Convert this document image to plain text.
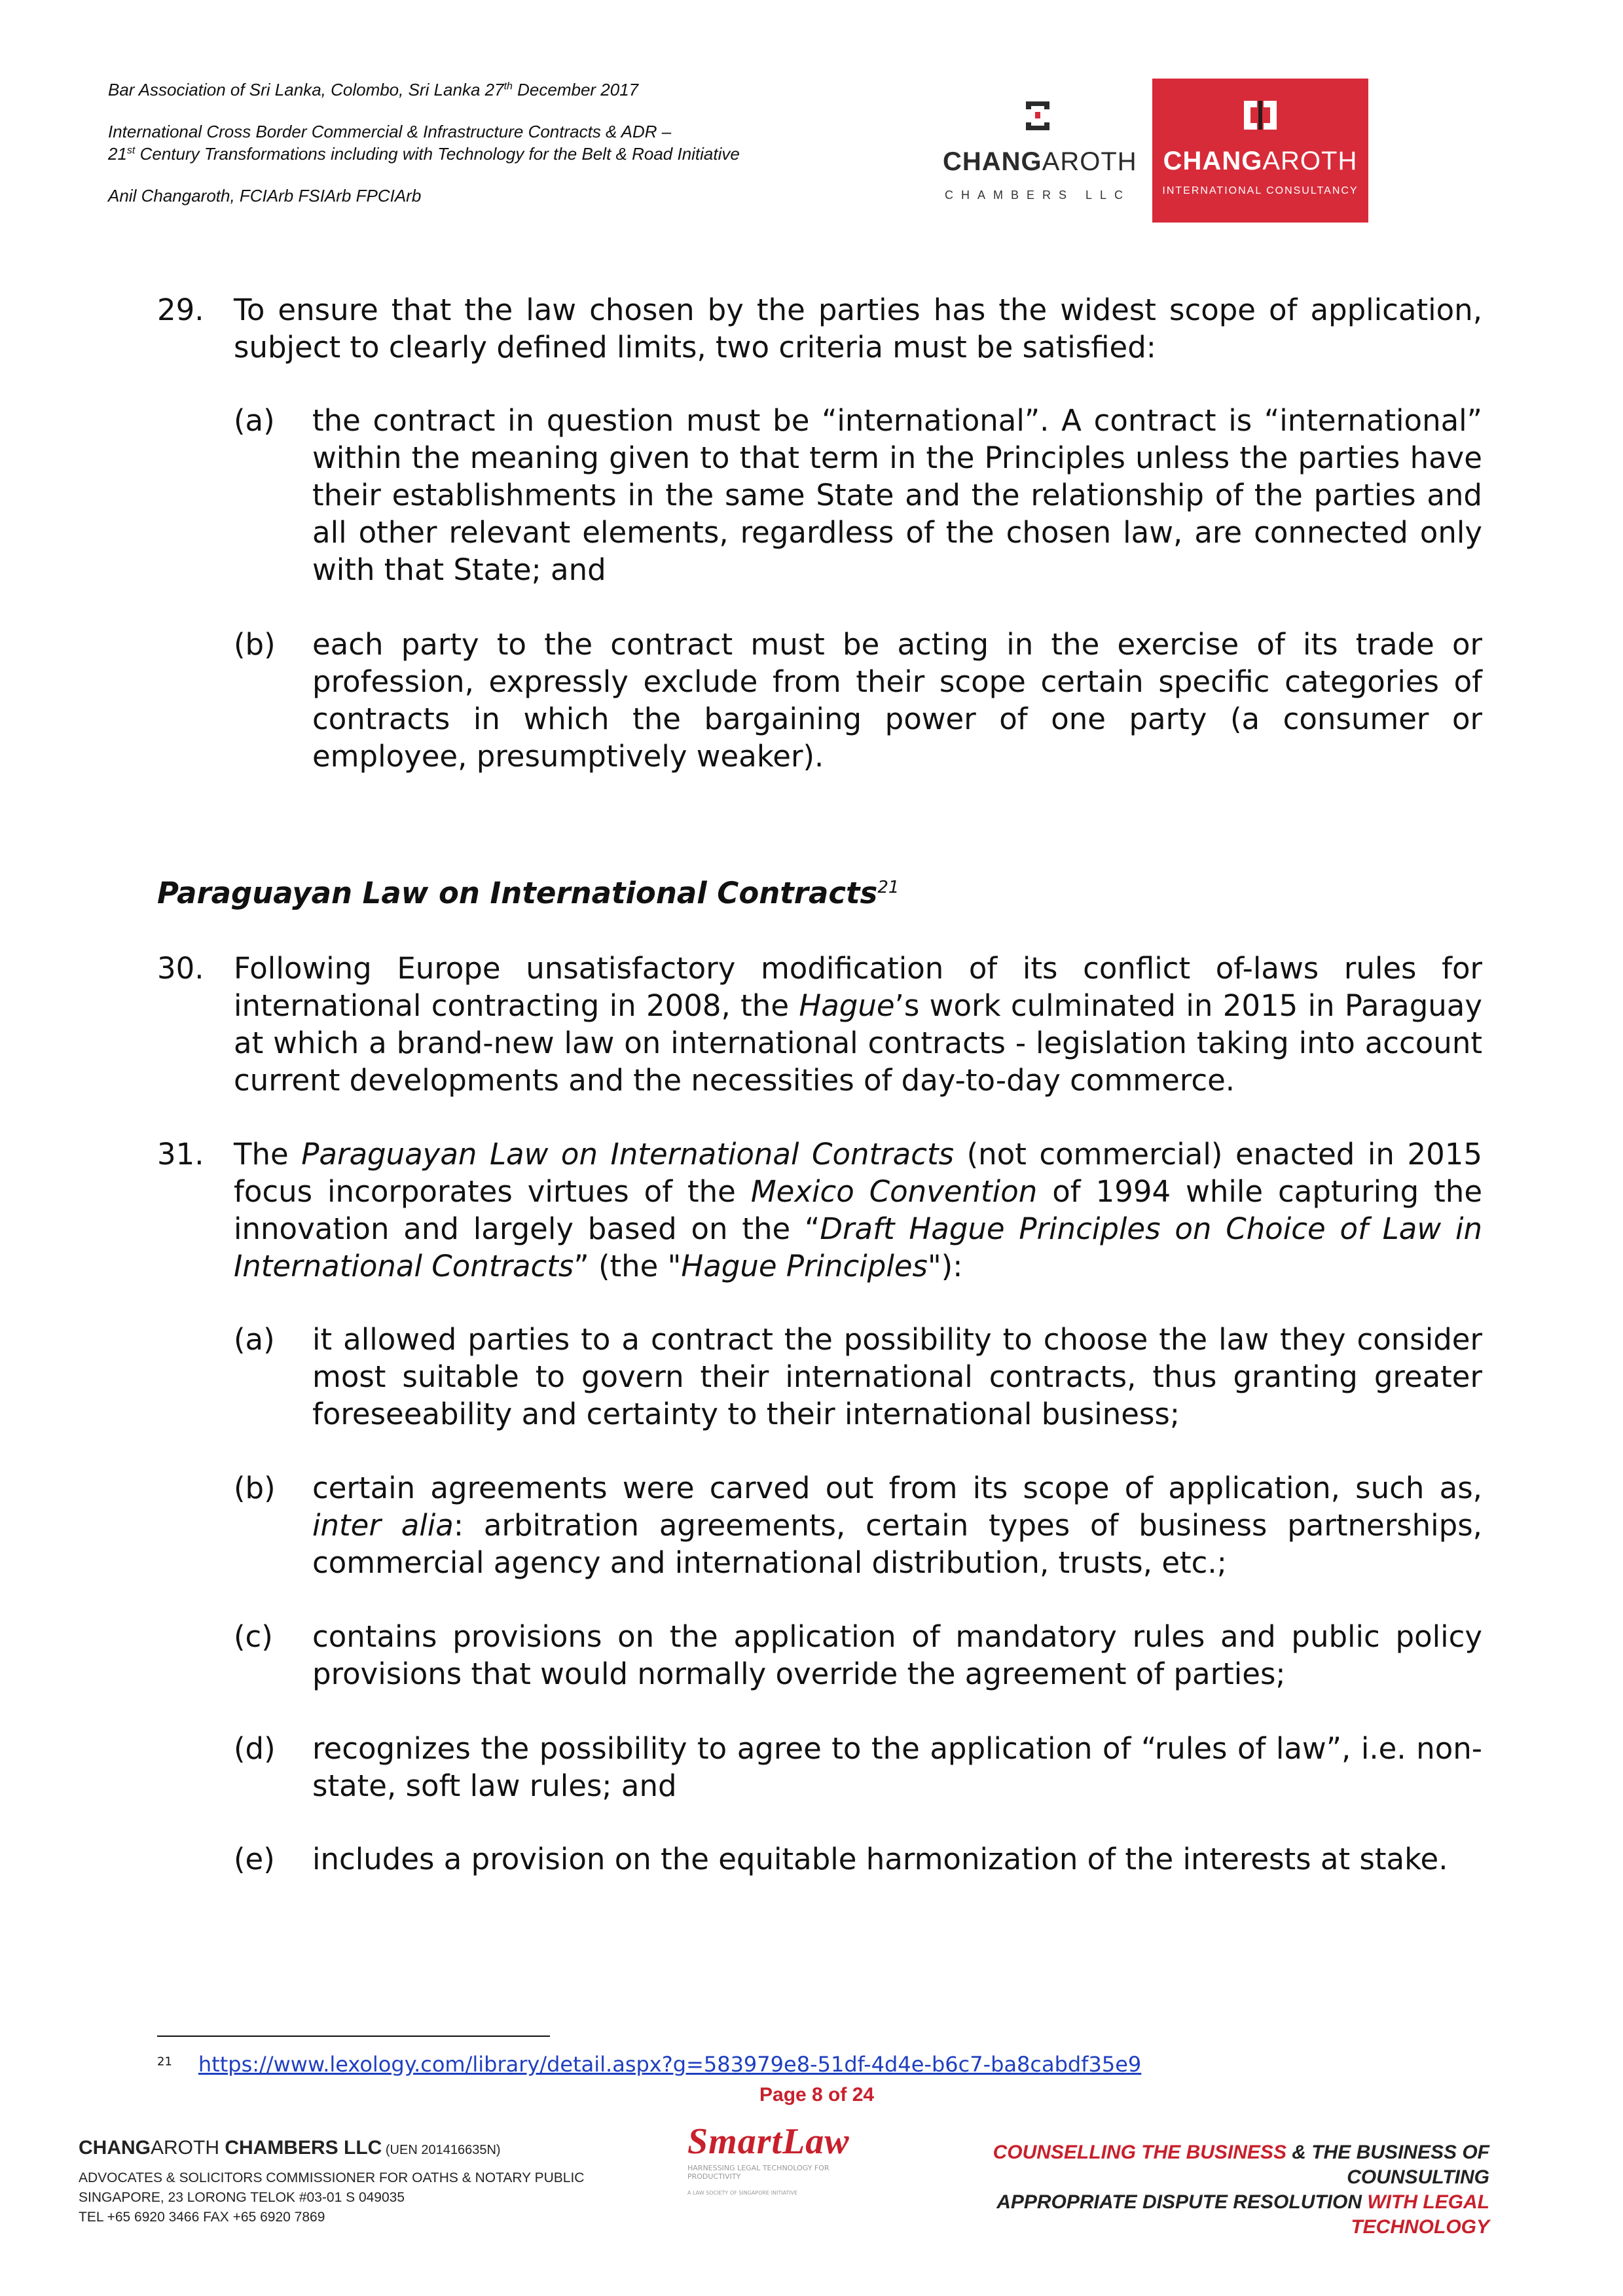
Bar Association of Sri Lanka, Colombo, Sri Lanka 27th December 2017

International Cross Border Commercial & Infrastructure Contracts & ADR –

21st Century Transformations including with Technology for the Belt & Road Initiative

Anil Changaroth, FCIArb FSIArb FPCIArb

CHANGAROTH
CHAMBERS LLC
CHANGAROTH
INTERNATIONAL CONSULTANCY
29. To ensure that the law chosen by the parties has the widest scope of application, subject to clearly defined limits, two criteria must be satisfied:
(a) the contract in question must be “international”. A contract is “international” within the meaning given to that term in the Principles unless the parties have their establishments in the same State and the relationship of the parties and all other relevant elements, regardless of the chosen law, are connected only with that State; and
(b) each party to the contract must be acting in the exercise of its trade or profession, expressly exclude from their scope certain specific categories of contracts in which the bargaining power of one party (a consumer or employee, presumptively weaker).
Paraguayan Law on International Contracts$^{21}$
30. Following Europe unsatisfactory modification of its conflict of-laws rules for international contracting in 2008, the Hague’s work culminated in 2015 in Paraguay at which a brand-new law on international contracts - legislation taking into account current developments and the necessities of day-to-day commerce.
31. The Paraguayan Law on International Contracts (not commercial) enacted in 2015 focus incorporates virtues of the Mexico Convention of 1994 while capturing the innovation and largely based on the “Draft Hague Principles on Choice of Law in International Contracts” (the "Hague Principles"):
(a) it allowed parties to a contract the possibility to choose the law they consider most suitable to govern their international contracts, thus granting greater foreseeability and certainty to their international business;
(b) certain agreements were carved out from its scope of application, such as, inter alia: arbitration agreements, certain types of business partnerships, commercial agency and international distribution, trusts, etc.;
(c) contains provisions on the application of mandatory rules and public policy provisions that would normally override the agreement of parties;
(d) recognizes the possibility to agree to the application of “rules of law”, i.e. non-state, soft law rules; and
(e) includes a provision on the equitable harmonization of the interests at stake.
$^{21}$ https://www.lexology.com/library/detail.aspx?g=583979e8-51df-4d4e-b6c7-ba8cabdf35e9
Page 8 of 24
CHANGAROTH CHAMBERS LLC (UEN 201416635N)
ADVOCATES & SOLICITORS COMMISSIONER FOR OATHS & NOTARY PUBLIC
SINGAPORE, 23 LORONG TELOK #03-01 S 049035
TEL +65 6920 3466 FAX +65 6920 7869
SmartLaw
HARNESSING LEGAL TECHNOLOGY FOR PRODUCTIVITY
A LAW SOCIETY OF SINGAPORE INITIATIVE
COUNSELLING THE BUSINESS & THE BUSINESS OF COUNSULTING
APPROPRIATE DISPUTE RESOLUTION WITH LEGAL TECHNOLOGY
